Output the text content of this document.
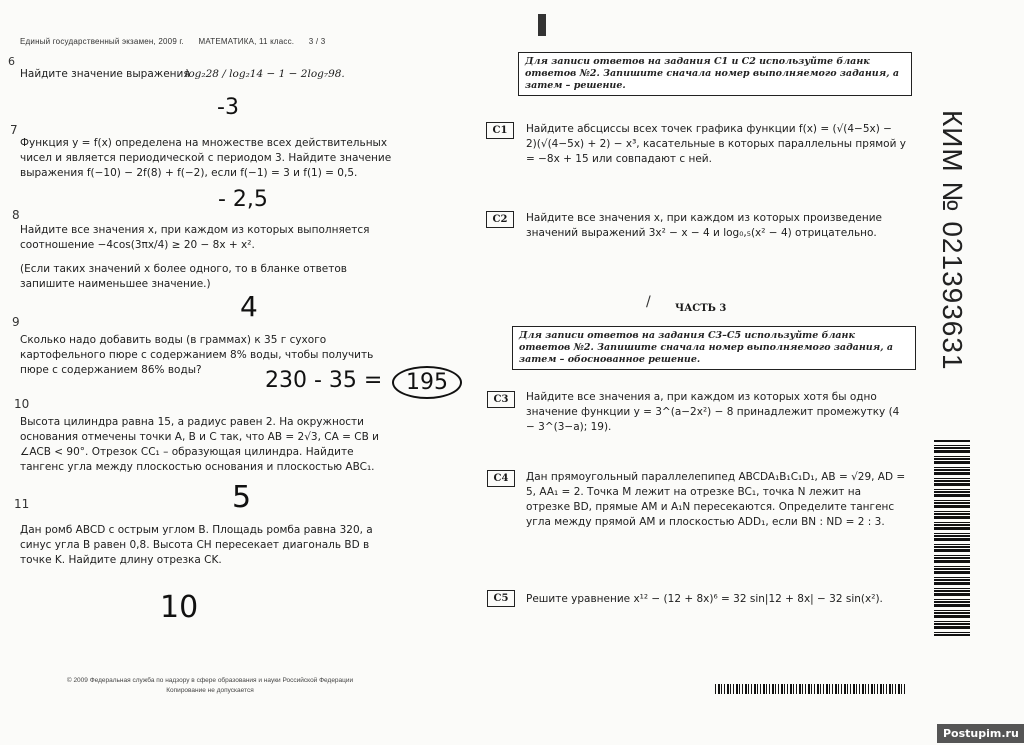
Единый государственный экзамен, 2009 г. МАТЕМАТИКА, 11 класс. 3 / 3
6
Найдите значение выражения
log₂28 / log₂14 − 1 − 2log₇98.
-3
7
Функция y = f(x) определена на множестве всех действительных чисел и является периодической с периодом 3. Найдите значение выражения f(−10) − 2f(8) + f(−2), если f(−1) = 3 и f(1) = 0,5.
- 2,5
8
Найдите все значения x, при каждом из которых выполняется соотношение −4cos(3πx/4) ≥ 20 − 8x + x².
(Если таких значений x более одного, то в бланке ответов запишите наименьшее значение.)
4
9
Сколько надо добавить воды (в граммах) к 35 г сухого картофельного пюре с содержанием 8% воды, чтобы получить пюре с содержанием 86% воды?	230 - 35 =	195
10
Высота цилиндра равна 15, а радиус равен 2. На окружности основания отмечены точки A, B и C так, что AB = 2√3, CA = CB и ∠ACB < 90°. Отрезок CC₁ – образующая цилиндра. Найдите тангенс угла между плоскостью основания и плоскостью ABC₁.
5
11
Дан ромб ABCD с острым углом B. Площадь ромба равна 320, а синус угла B равен 0,8. Высота CH пересекает диагональ BD в точке K. Найдите длину отрезка CK.
10
© 2009 Федеральная служба по надзору в сфере образования и науки Российской Федерации
Копирование не допускается
Для записи ответов на задания С1 и С2 используйте бланк ответов №2. Запишите сначала номер выполняемого задания, а затем – решение.
C1	Найдите абсциссы всех точек графика функции f(x) = (√(4−5x) − 2)(√(4−5x) + 2) − x³, касательные в которых параллельны прямой y = −8x + 15 или совпадают с ней.
C2	Найдите все значения x, при каждом из которых произведение значений выражений 3x² − x − 4 и log₀,₅(x² − 4) отрицательно.
/ ЧАСТЬ 3
Для записи ответов на задания С3–С5 используйте бланк ответов №2. Запишите сначала номер выполняемого задания, а затем – обоснованное решение.
C3	Найдите все значения a, при каждом из которых хотя бы одно значение функции y = 3^(a−2x²) − 8 принадлежит промежутку (4 − 3^(3−a); 19).
C4	Дан прямоугольный параллелепипед ABCDA₁B₁C₁D₁, AB = √29, AD = 5, AA₁ = 2. Точка M лежит на отрезке BC₁, точка N лежит на отрезке BD, прямые AM и A₁N пересекаются. Определите тангенс угла между прямой AM и плоскостью ADD₁, если BN : ND = 2 : 3.
C5	Решите уравнение x¹² − (12 + 8x)⁶ = 32 sin|12 + 8x| − 32 sin(x²).
КИМ № 021393631
Postupim.ru
